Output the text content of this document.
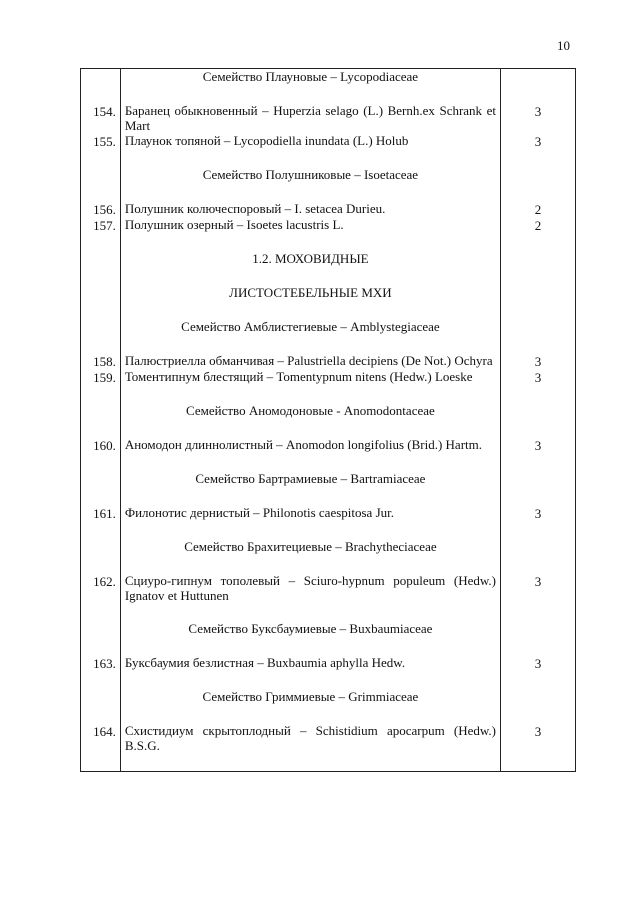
10
	Семейство Плауновые – Lycopodiaceae	
154.	Баранец обыкновенный – Huperzia selago (L.) Bernh.ex Schrank et Mart	3
155.	Плаунок топяной – Lycopodiella inundata (L.) Holub	3
	Семейство Полушниковые – Isoetaceae	
156.	Полушник колючеспоровый – I. setacea Durieu.	2
157.	Полушник озерный – Isoetes lacustris L.	2
	1.2. МОХОВИДНЫЕ	
	ЛИСТОСТЕБЕЛЬНЫЕ МХИ	
	Семейство Амблистегиевые – Amblystegiaceae	
158.	Палюстриелла обманчивая – Palustriella decipiens (De Not.) Ochyra	3
159.	Томентипнум блестящий – Tomentypnum nitens (Hedw.) Loeske	3
	Семейство Аномодоновые - Anomodontaceae	
160.	Аномодон длиннолистный – Anomodon longifolius (Brid.) Hartm.	3
	Семейство Бартрамиевые – Bartramiaceae	
161.	Филонотис дернистый – Philonotis caespitosa Jur.	3
	Семейство Брахитециевые – Brachytheciaceae	
162.	Сциуро-гипнум тополевый – Sciuro-hypnum populeum (Hedw.) Ignatov et Huttunen	3
	Семейство Буксбаумиевые – Buxbaumiaceae	
163.	Буксбаумия безлистная – Buxbaumia aphylla Hedw.	3
	Семейство Гриммиевые – Grimmiaceae	
164.	Схистидиум скрытоплодный – Schistidium apocarpum (Hedw.) B.S.G.	3
